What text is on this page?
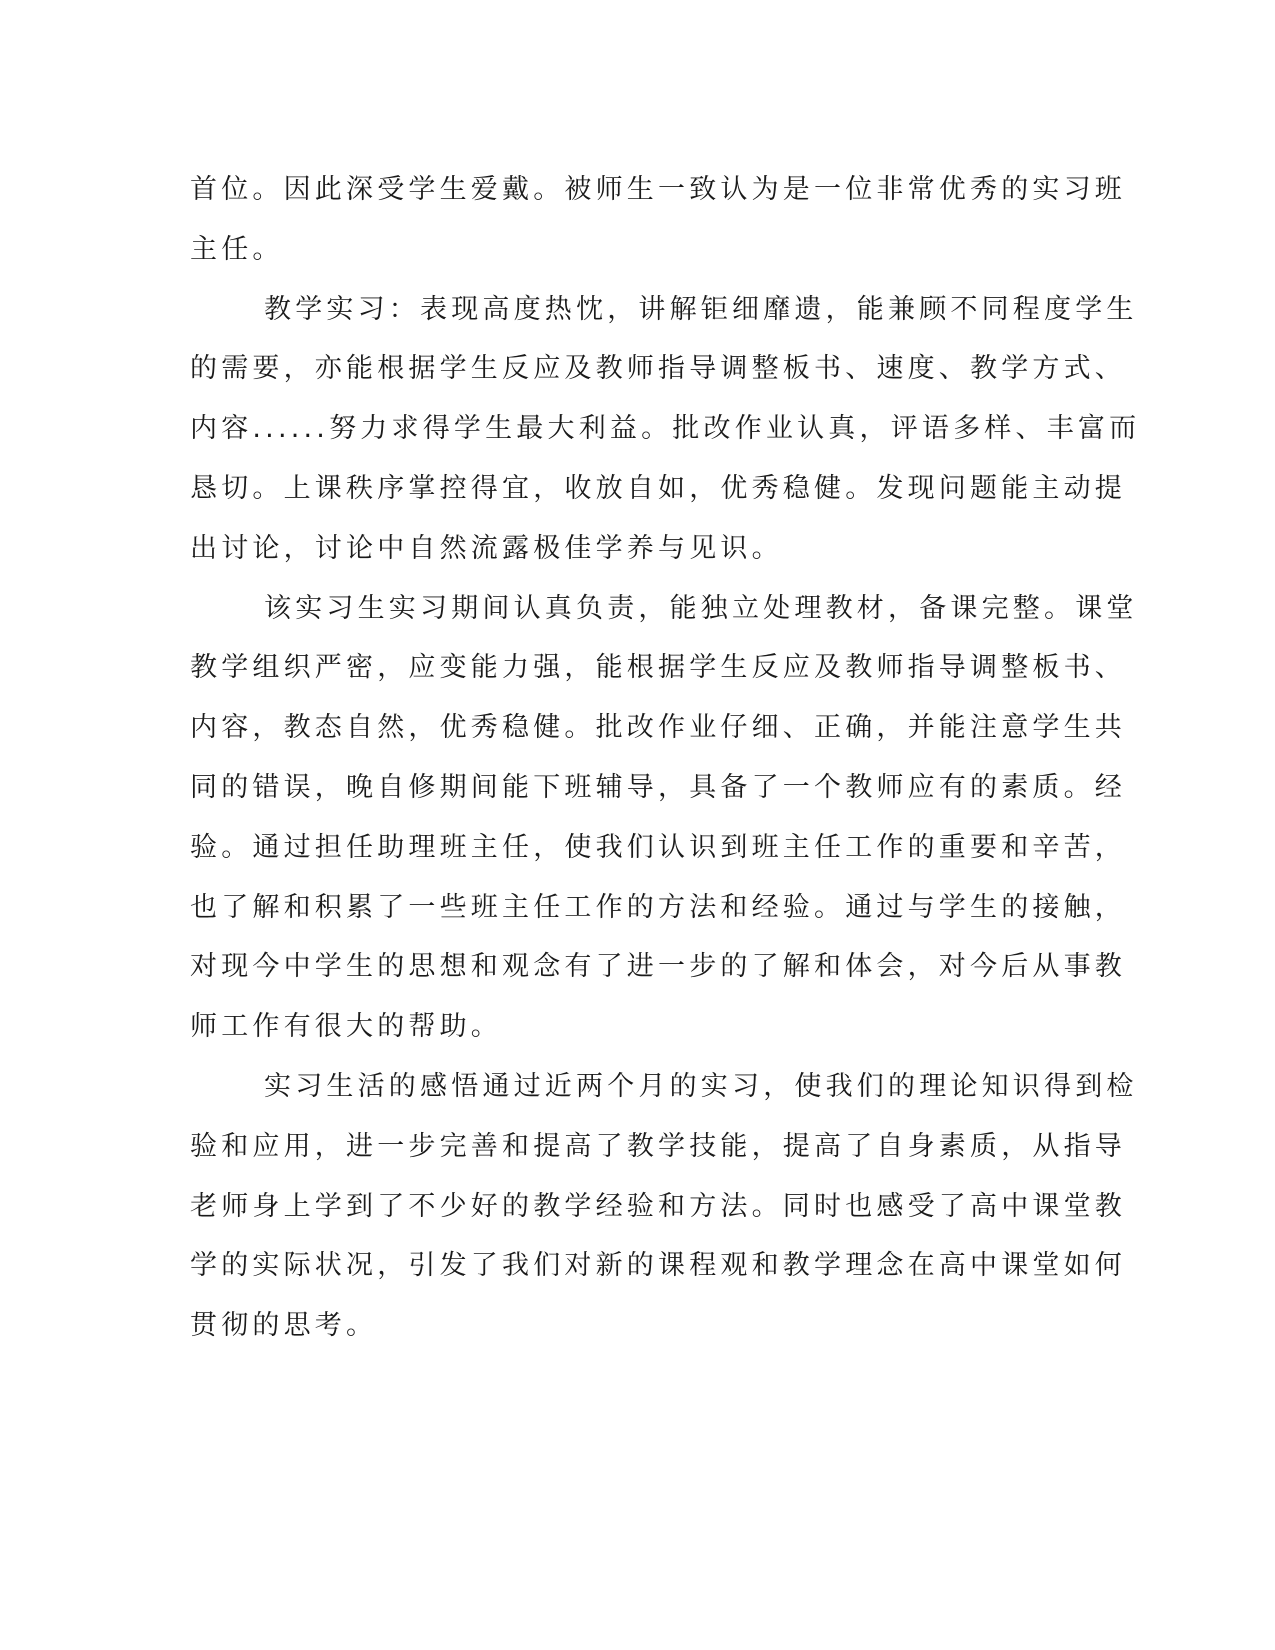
首位。因此深受学生爱戴。被师生一致认为是一位非常优秀的实习班
主任。

教学实习：表现高度热忱，讲解钜细靡遗，能兼顾不同程度学生
的需要，亦能根据学生反应及教师指导调整板书、速度、教学方式、
内容......努力求得学生最大利益。批改作业认真，评语多样、丰富而
恳切。上课秩序掌控得宜，收放自如，优秀稳健。发现问题能主动提
出讨论，讨论中自然流露极佳学养与见识。

该实习生实习期间认真负责，能独立处理教材，备课完整。课堂
教学组织严密，应变能力强，能根据学生反应及教师指导调整板书、
内容，教态自然，优秀稳健。批改作业仔细、正确，并能注意学生共
同的错误，晚自修期间能下班辅导，具备了一个教师应有的素质。经
验。通过担任助理班主任，使我们认识到班主任工作的重要和辛苦，
也了解和积累了一些班主任工作的方法和经验。通过与学生的接触，
对现今中学生的思想和观念有了进一步的了解和体会，对今后从事教
师工作有很大的帮助。

实习生活的感悟通过近两个月的实习，使我们的理论知识得到检
验和应用，进一步完善和提高了教学技能，提高了自身素质，从指导
老师身上学到了不少好的教学经验和方法。同时也感受了高中课堂教
学的实际状况，引发了我们对新的课程观和教学理念在高中课堂如何
贯彻的思考。
